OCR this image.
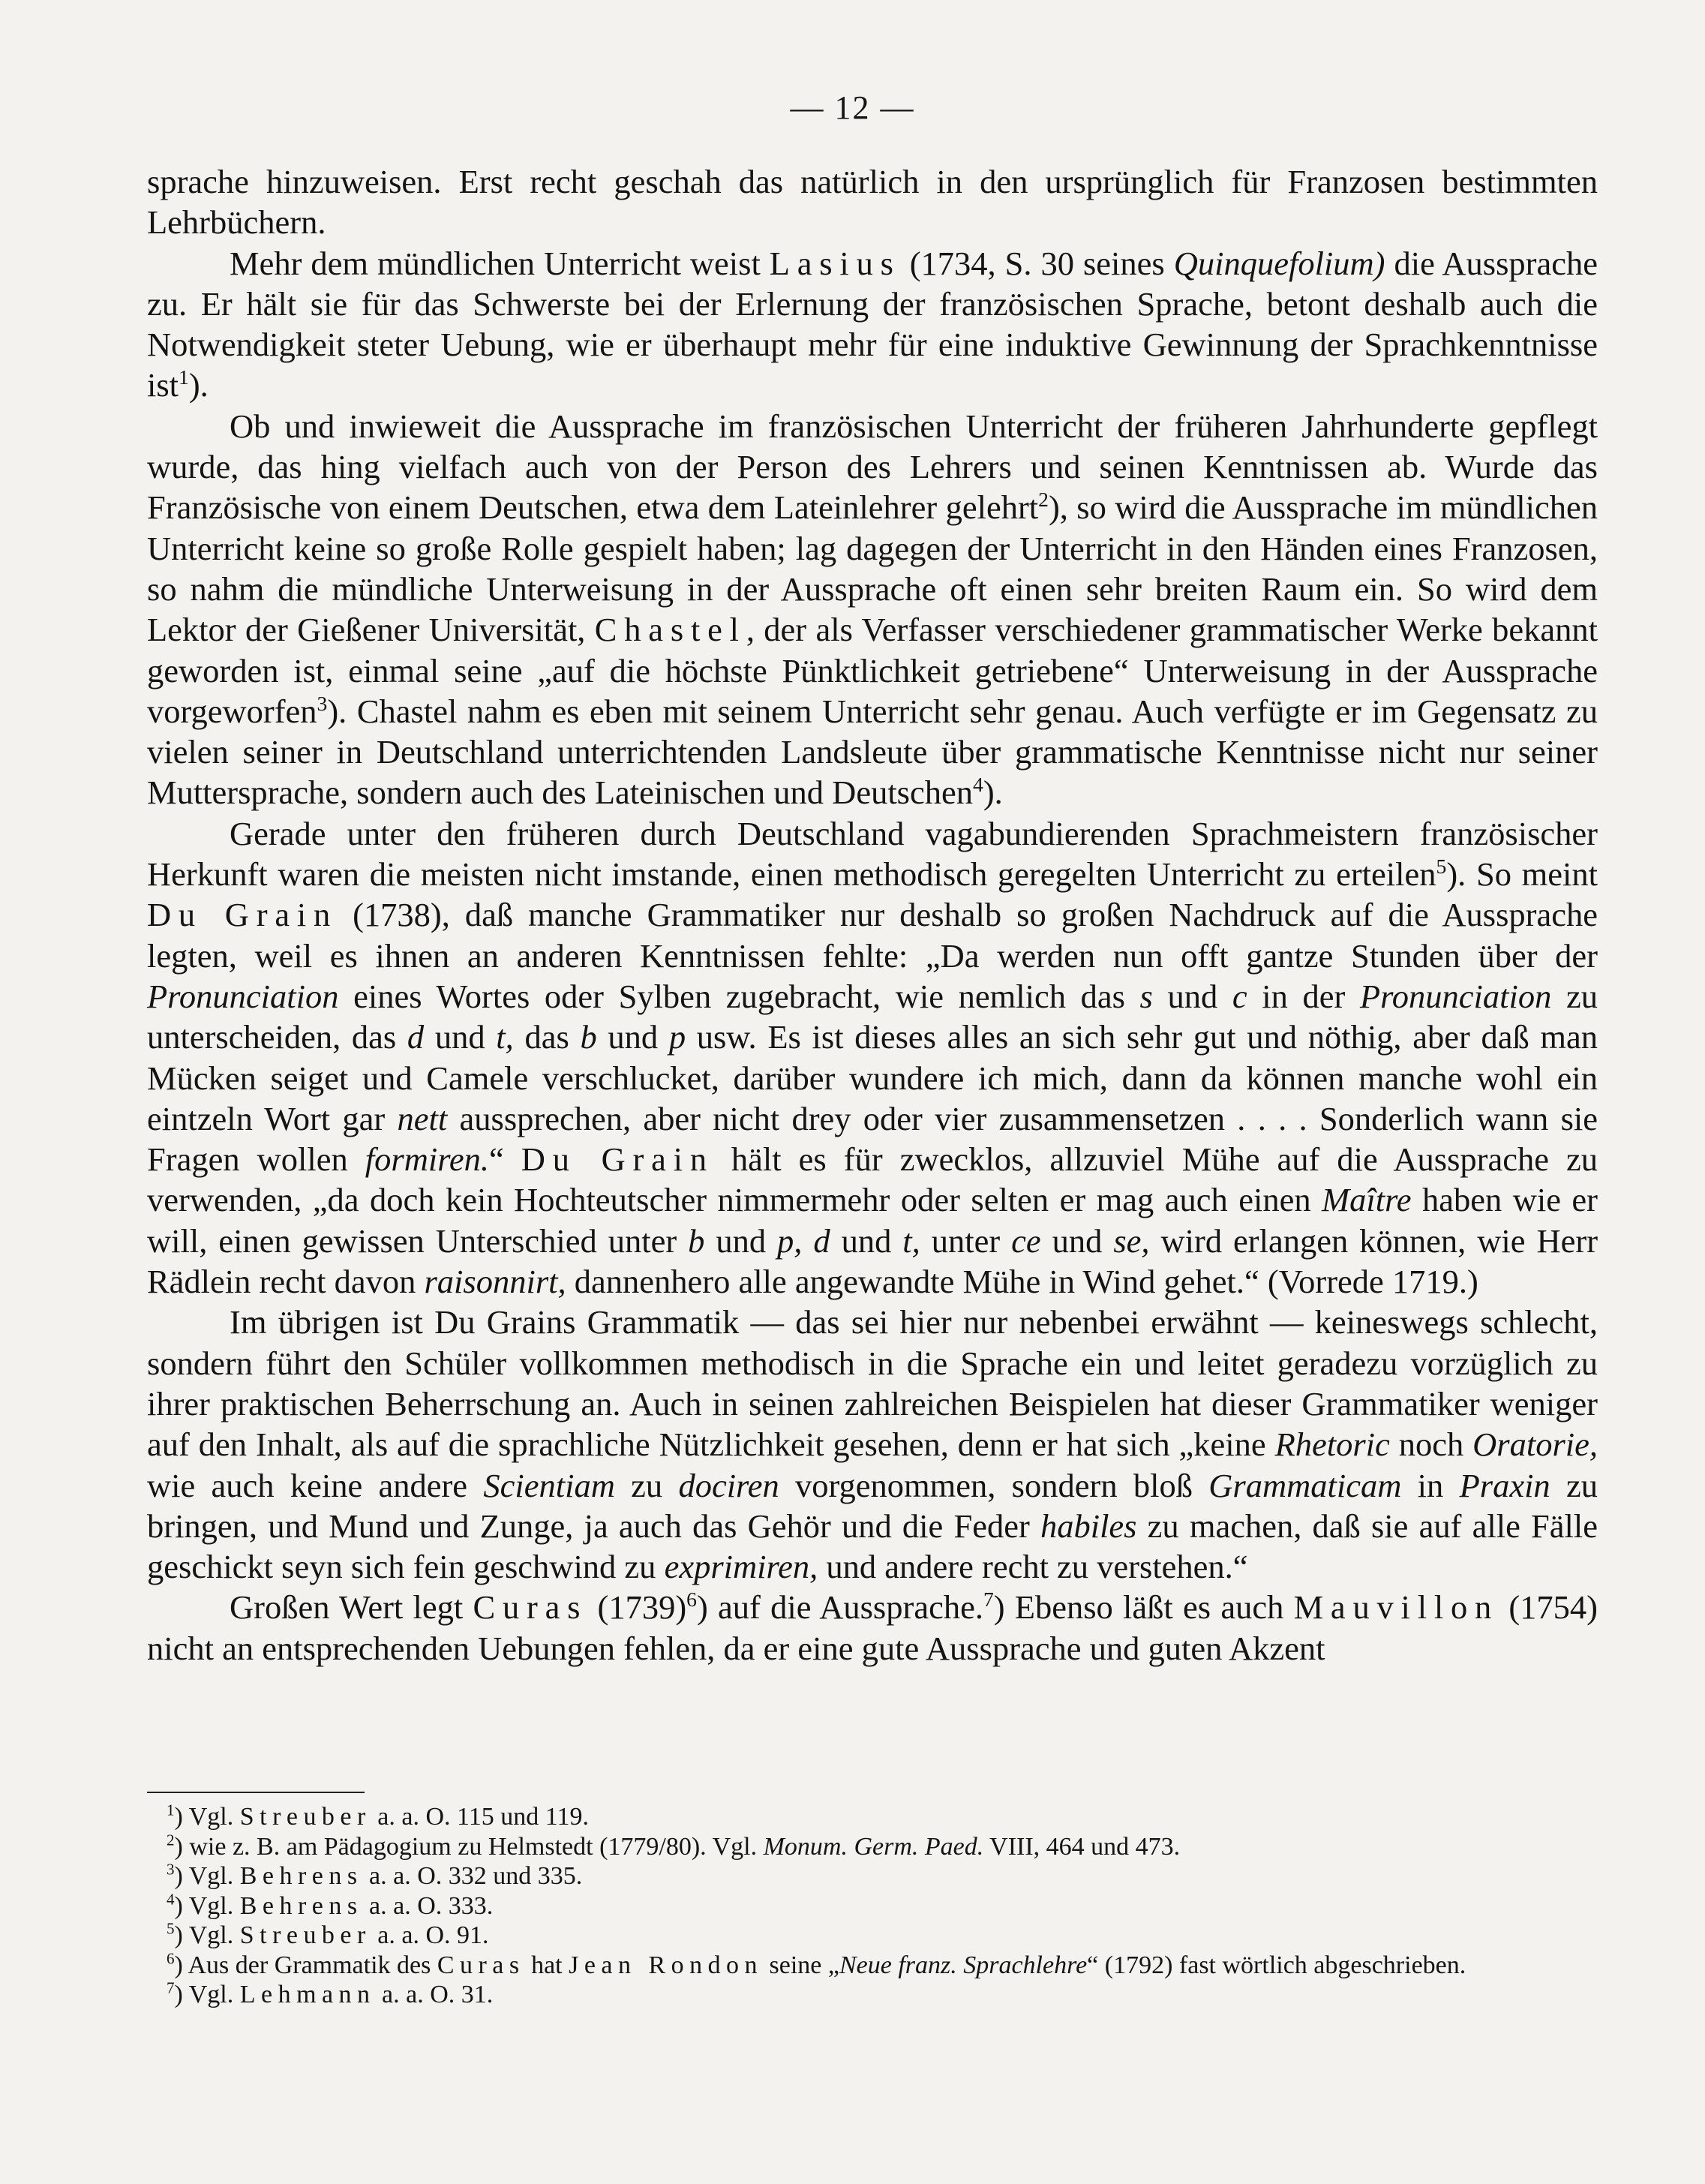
— 12 —

sprache hinzuweisen. Erst recht geschah das natürlich in den ursprünglich für Franzosen bestimmten Lehrbüchern.

Mehr dem mündlichen Unterricht weist Lasius (1734, S. 30 seines Quinquefolium) die Aussprache zu. Er hält sie für das Schwerste bei der Erlernung der französischen Sprache, betont deshalb auch die Notwendigkeit steter Uebung, wie er überhaupt mehr für eine induktive Gewinnung der Sprachkenntnisse ist$^1$).

Ob und inwieweit die Aussprache im französischen Unterricht der früheren Jahrhunderte gepflegt wurde, das hing vielfach auch von der Person des Lehrers und seinen Kenntnissen ab. Wurde das Französische von einem Deutschen, etwa dem Lateinlehrer gelehrt$^2$), so wird die Aussprache im mündlichen Unterricht keine so große Rolle gespielt haben; lag dagegen der Unterricht in den Händen eines Franzosen, so nahm die mündliche Unterweisung in der Aussprache oft einen sehr breiten Raum ein. So wird dem Lektor der Gießener Universität, Chastel, der als Verfasser verschiedener grammatischer Werke bekannt geworden ist, einmal seine „auf die höchste Pünktlichkeit getriebene“ Unterweisung in der Aussprache vorgeworfen$^3$). Chastel nahm es eben mit seinem Unterricht sehr genau. Auch verfügte er im Gegensatz zu vielen seiner in Deutschland unterrichtenden Landsleute über grammatische Kenntnisse nicht nur seiner Muttersprache, sondern auch des Lateinischen und Deutschen$^4$).

Gerade unter den früheren durch Deutschland vagabundierenden Sprachmeistern französischer Herkunft waren die meisten nicht imstande, einen methodisch geregelten Unterricht zu erteilen$^5$). So meint Du Grain (1738), daß manche Grammatiker nur deshalb so großen Nachdruck auf die Aussprache legten, weil es ihnen an anderen Kenntnissen fehlte: „Da werden nun offt gantze Stunden über der Pronunciation eines Wortes oder Sylben zugebracht, wie nemlich das s und c in der Pronunciation zu unterscheiden, das d und t, das b und p usw. Es ist dieses alles an sich sehr gut und nöthig, aber daß man Mücken seiget und Camele verschlucket, darüber wundere ich mich, dann da können manche wohl ein eintzeln Wort gar nett aussprechen, aber nicht drey oder vier zusammensetzen . . . . Sonderlich wann sie Fragen wollen formiren.“ Du Grain hält es für zwecklos, allzuviel Mühe auf die Aussprache zu verwenden, „da doch kein Hochteutscher nimmermehr oder selten er mag auch einen Maître haben wie er will, einen gewissen Unterschied unter b und p, d und t, unter ce und se, wird erlangen können, wie Herr Rädlein recht davon raisonnirt, dannenhero alle angewandte Mühe in Wind gehet.“ (Vorrede 1719.)

Im übrigen ist Du Grains Grammatik — das sei hier nur nebenbei erwähnt — keineswegs schlecht, sondern führt den Schüler vollkommen methodisch in die Sprache ein und leitet geradezu vorzüglich zu ihrer praktischen Beherrschung an. Auch in seinen zahlreichen Beispielen hat dieser Grammatiker weniger auf den Inhalt, als auf die sprachliche Nützlichkeit gesehen, denn er hat sich „keine Rhetoric noch Oratorie, wie auch keine andere Scientiam zu dociren vorgenommen, sondern bloß Grammaticam in Praxin zu bringen, und Mund und Zunge, ja auch das Gehör und die Feder habiles zu machen, daß sie auf alle Fälle geschickt seyn sich fein geschwind zu exprimiren, und andere recht zu verstehen.“

Großen Wert legt Curas $(1739)^6$) auf die Aussprache.$^7$) Ebenso läßt es auch Mauvillon (1754) nicht an entsprechenden Uebungen fehlen, da er eine gute Aussprache und guten Akzent

$^1$) Vgl. Streuber a. a. O. 115 und 119.
$^2$) wie z. B. am Pädagogium zu Helmstedt (1779/80). Vgl. Monum. Germ. Paed. VIII, 464 und 473.
$^3$) Vgl. Behrens a. a. O. 332 und 335.
$^4$) Vgl. Behrens a. a. O. 333.
$^5$) Vgl. Streuber a. a. O. 91.
$^6$) Aus der Grammatik des Curas hat Jean Rondon seine „Neue franz. Sprachlehre“ (1792) fast wörtlich abgeschrieben.
$^7$) Vgl. Lehmann a. a. O. 31.
